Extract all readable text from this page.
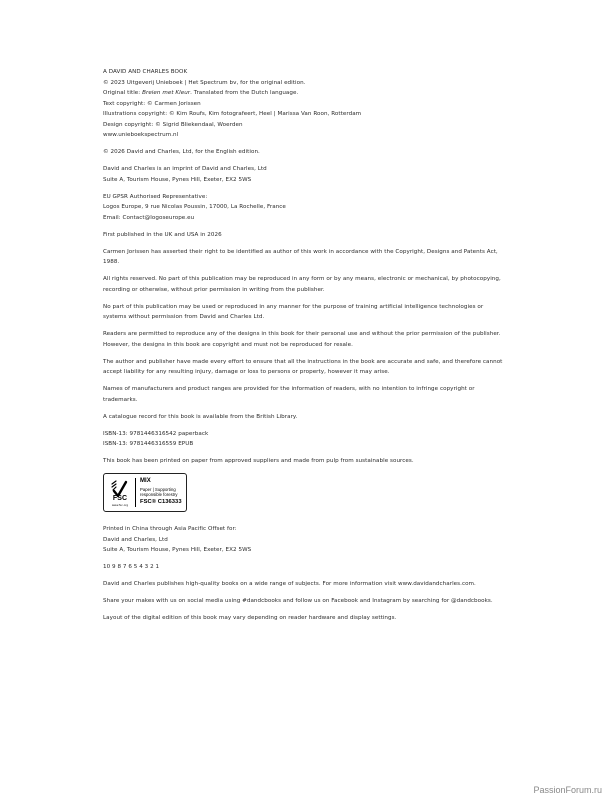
A DAVID AND CHARLES BOOK
© 2023 Uitgeverij Unieboek | Het Spectrum bv, for the original edition.
Original title: Breien met Kleur. Translated from the Dutch language.
Text copyright: © Carmen Jorissen
Illustrations copyright: © Kim Roufs, Kim fotografeert, Heel | Marissa Van Roon, Rotterdam
Design copyright: © Sigrid Bliekendaal, Woerden
www.unieboekspectrum.nl
© 2026 David and Charles, Ltd, for the English edition.
David and Charles is an imprint of David and Charles, Ltd
Suite A, Tourism House, Pynes Hill, Exeter, EX2 5WS
EU GPSR Authorised Representative:
Logos Europe, 9 rue Nicolas Poussin, 17000, La Rochelle, France
Email: Contact@logoseurope.eu
First published in the UK and USA in 2026
Carmen Jorissen has asserted their right to be identified as author of this work in accordance with the Copyright, Designs and Patents Act, 1988.
All rights reserved. No part of this publication may be reproduced in any form or by any means, electronic or mechanical, by photocopying, recording or otherwise, without prior permission in writing from the publisher.
No part of this publication may be used or reproduced in any manner for the purpose of training artificial intelligence technologies or systems without permission from David and Charles Ltd.
Readers are permitted to reproduce any of the designs in this book for their personal use and without the prior permission of the publisher. However, the designs in this book are copyright and must not be reproduced for resale.
The author and publisher have made every effort to ensure that all the instructions in the book are accurate and safe, and therefore cannot accept liability for any resulting injury, damage or loss to persons or property, however it may arise.
Names of manufacturers and product ranges are provided for the information of readers, with no intention to infringe copyright or trademarks.
A catalogue record for this book is available from the British Library.
ISBN-13: 9781446316542 paperback
ISBN-13: 9781446316559 EPUB
This book has been printed on paper from approved suppliers and made from pulp from sustainable sources.
FSC
www.fsc.org
MIX
Paper | Supporting responsible forestry
FSC® C136333
Printed in China through Asia Pacific Offset for:
David and Charles, Ltd
Suite A, Tourism House, Pynes Hill, Exeter, EX2 5WS
10 9 8 7 6 5 4 3 2 1
David and Charles publishes high-quality books on a wide range of subjects. For more information visit www.davidandcharles.com.
Share your makes with us on social media using #dandcbooks and follow us on Facebook and Instagram by searching for @dandcbooks.
Layout of the digital edition of this book may vary depending on reader hardware and display settings.
PassionForum.ru
